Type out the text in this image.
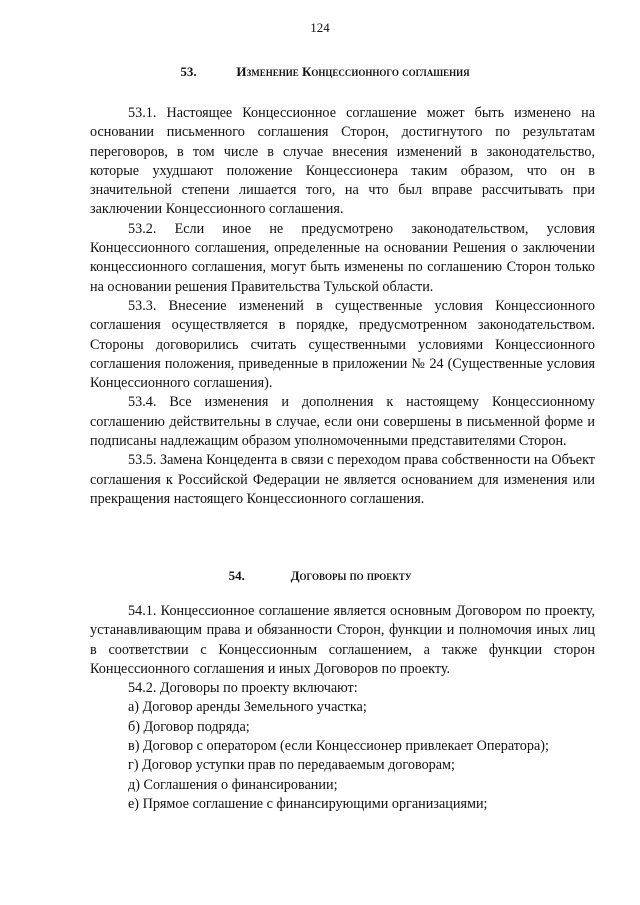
124
53.	Изменение Концессионного соглашения

53.1. Настоящее Концессионное соглашение может быть изменено на основании письменного соглашения Сторон, достигнутого по результатам переговоров, в том числе в случае внесения изменений в законодательство, которые ухудшают положение Концессионера таким образом, что он в значительной степени лишается того, на что был вправе рассчитывать при заключении Концессионного соглашения.

53.2. Если иное не предусмотрено законодательством, условия Концессионного соглашения, определенные на основании Решения о заключении концессионного соглашения, могут быть изменены по соглашению Сторон только на основании решения Правительства Тульской области.

53.3. Внесение изменений в существенные условия Концессионного соглашения осуществляется в порядке, предусмотренном законодательством. Стороны договорились считать существенными условиями Концессионного соглашения положения, приведенные в приложении № 24 (Существенные условия Концессионного соглашения).

53.4. Все изменения и дополнения к настоящему Концессионному соглашению действительны в случае, если они совершены в письменной форме и подписаны надлежащим образом уполномоченными представителями Сторон.

53.5. Замена Концедента в связи с переходом права собственности на Объект соглашения к Российской Федерации не является основанием для изменения или прекращения настоящего Концессионного соглашения.

54.	Договоры по проекту

54.1. Концессионное соглашение является основным Договором по проекту, устанавливающим права и обязанности Сторон, функции и полномочия иных лиц в соответствии с Концессионным соглашением, а также функции сторон Концессионного соглашения и иных Договоров по проекту.

54.2. Договоры по проекту включают:

а) Договор аренды Земельного участка;

б) Договор подряда;

в) Договор с оператором (если Концессионер привлекает Оператора);

г) Договор уступки прав по передаваемым договорам;

д) Соглашения о финансировании;

е) Прямое соглашение с финансирующими организациями;
